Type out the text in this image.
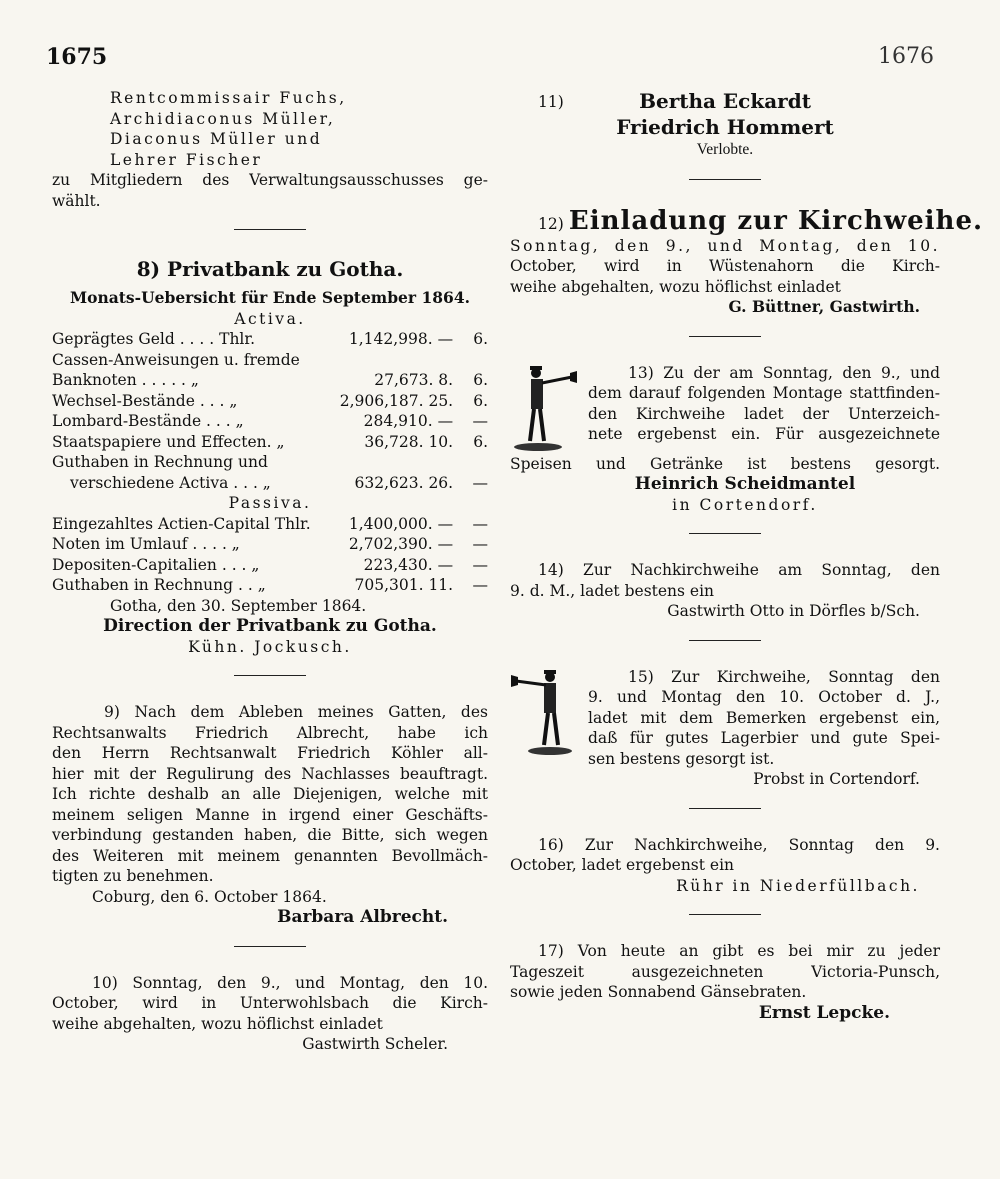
1675	1676
Rentcommissair Fuchs,
Archidiaconus Müller,
Diaconus Müller und
Lehrer Fischer
zu Mitgliedern des Verwaltungsausschusses ge-
wählt.
8) Privatbank zu Gotha.
Monats-Uebersicht für Ende September 1864.
Activa.
Geprägtes Geld . . . . Thlr.	1,142,998. —	6.
Cassen-Anweisungen u. fremde		
Banknoten . . . . . „	27,673. 8.	6.
Wechsel-Bestände . . . „	2,906,187. 25.	6.
Lombard-Bestände . . . „	284,910. —	—
Staatspapiere und Effecten. „	36,728. 10.	6.
Guthaben in Rechnung und		
verschiedene Activa . . . „	632,623. 26.	—
Passiva.
Eingezahltes Actien-Capital Thlr.	1,400,000. —	—
Noten im Umlauf . . . . „	2,702,390. —	—
Depositen-Capitalien . . . „	223,430. —	—
Guthaben in Rechnung . . „	705,301. 11.	—
Gotha, den 30. September 1864.
Direction der Privatbank zu Gotha.
Kühn. Jockusch.
9) Nach dem Ableben meines Gatten, des
Rechtsanwalts Friedrich Albrecht, habe ich
den Herrn Rechtsanwalt Friedrich Köhler all-
hier mit der Regulirung des Nachlasses beauftragt.
Ich richte deshalb an alle Diejenigen, welche mit
meinem seligen Manne in irgend einer Geschäfts-
verbindung gestanden haben, die Bitte, sich wegen
des Weiteren mit meinem genannten Bevollmäch-
tigten zu benehmen.
Coburg, den 6. October 1864.
Barbara Albrecht.
10) Sonntag, den 9., und Montag, den 10.
October, wird in Unterwohlsbach die Kirch-
weihe abgehalten, wozu höflichst einladet
Gastwirth Scheler.
11)	Bertha Eckardt
Friedrich Hommert
Verlobte.
12) Einladung zur Kirchweihe.
Sonntag, den 9., und Montag, den 10.
October, wird in Wüstenahorn die Kirch-
weihe abgehalten, wozu höflichst einladet
G. Büttner, Gastwirth.
13) Zu der am Sonntag, den 9., und
dem darauf folgenden Montage stattfinden-
den Kirchweihe ladet der Unterzeich-
nete ergebenst ein. Für ausgezeichnete
Speisen und Getränke ist bestens gesorgt.
Heinrich Scheidmantel
in Cortendorf.
14) Zur Nachkirchweihe am Sonntag, den
9. d. M., ladet bestens ein
Gastwirth Otto in Dörfles b/Sch.
15) Zur Kirchweihe, Sonntag den
9. und Montag den 10. October d. J.,
ladet mit dem Bemerken ergebenst ein,
daß für gutes Lagerbier und gute Spei-
sen bestens gesorgt ist.
Probst in Cortendorf.
16) Zur Nachkirchweihe, Sonntag den 9.
October, ladet ergebenst ein
Rühr in Niederfüllbach.
17) Von heute an gibt es bei mir zu jeder
Tageszeit ausgezeichneten Victoria-Punsch,
sowie jeden Sonnabend Gänsebraten.
Ernst Lepcke.
